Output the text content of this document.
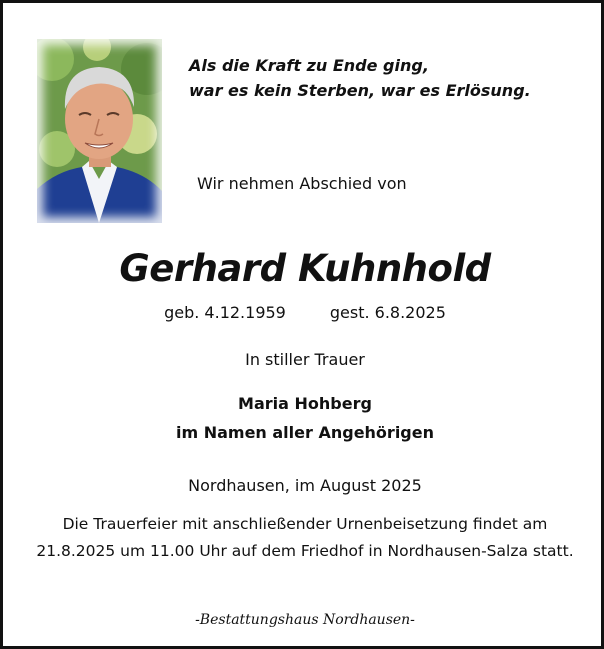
Als die Kraft zu Ende ging,
war es kein Sterben, war es Erlösung.
Wir nehmen Abschied von
Gerhard Kuhnhold
geb. 4.12.1959	gest. 6.8.2025
In stiller Trauer
Maria Hohberg
im Namen aller Angehörigen
Nordhausen, im August 2025
Die Trauerfeier mit anschließender Urnenbeisetzung findet am
21.8.2025 um 11.00 Uhr auf dem Friedhof in Nordhausen-Salza statt.
-Bestattungshaus Nordhausen-
